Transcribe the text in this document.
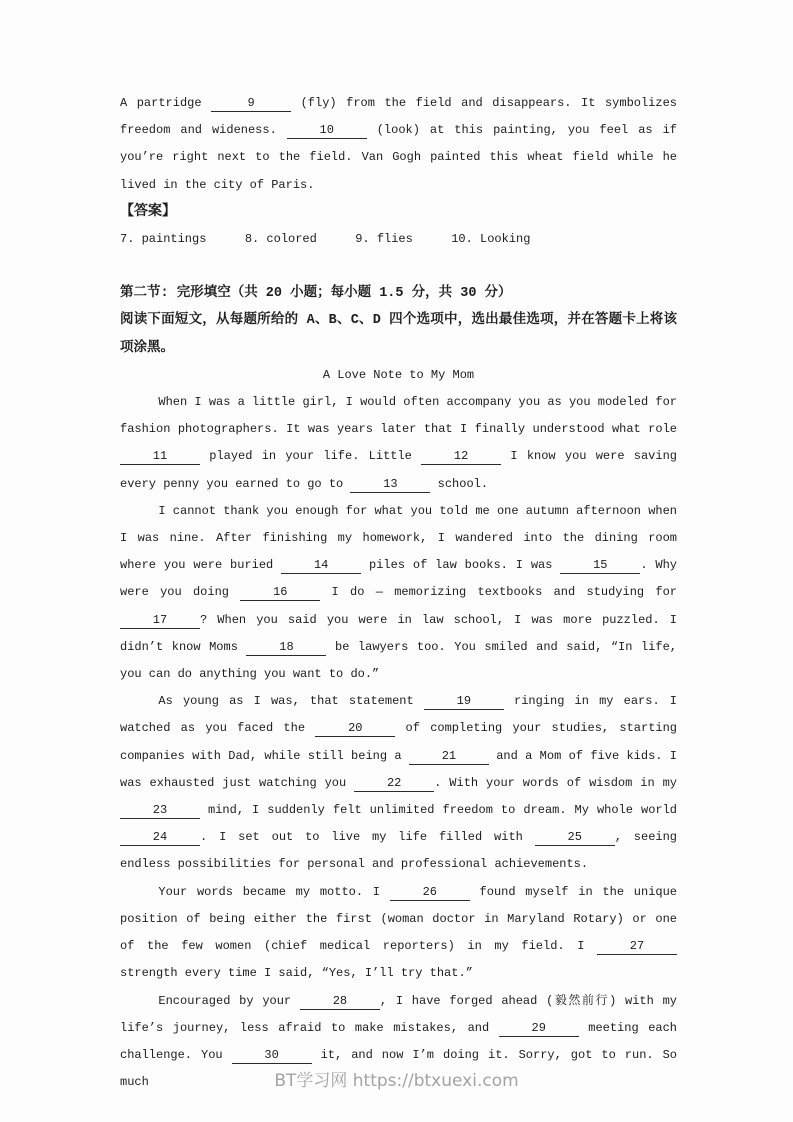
A partridge	9	(fly) from the field and disappears. It symbolizes freedom and wideness.	10	(look) at this painting, you feel as if you’re right next to the field. Van Gogh painted this wheat field while he lived in the city of Paris.

【答案】
7. paintings	8. colored	9. flies	10. Looking
第二节: 完形填空（共 20 小题；每小题 1.5 分，共 30 分）
阅读下面短文，从每题所给的 A、B、C、D 四个选项中，选出最佳选项，并在答题卡上将该项涂黑。
A Love Note to My Mom

When I was a little girl, I would often accompany you as you modeled for fashion photographers. It was years later that I finally understood what role 11	played in your life. Little	12	I know you were saving every penny you earned to go to	13	school.

I cannot thank you enough for what you told me one autumn afternoon when I was nine. After finishing my homework, I wandered into the dining room where you were buried	14	piles of law books. I was	15	. Why were you doing	16	I do — memorizing textbooks and studying for 17	? When you said you were in law school, I was more puzzled. I didn’t know Moms	18	be lawyers too. You smiled and said, “In life, you can do anything you want to do.”

As young as I was, that statement	19	ringing in my ears. I watched as you faced the	20	of completing your studies, starting companies with Dad, while still being a	21	and a Mom of five kids. I was exhausted just watching you	22	. With your words of wisdom in my 23	mind, I suddenly felt unlimited freedom to dream. My whole world 24	. I set out to live my life filled with	25	, seeing endless possibilities for personal and professional achievements.

Your words became my motto. I	26	found myself in the unique position of being either the first (woman doctor in Maryland Rotary) or one of the few women (chief medical reporters) in my field. I	27 strength every time I said, “Yes, I’ll try that.”

Encouraged by your	28	, I have forged ahead (毅然前行) with my life’s journey, less afraid to make mistakes, and	29	meeting each challenge. You	30	it, and now I’m doing it. Sorry, got to run. So much	BT学习网 https://btxuexi.com
